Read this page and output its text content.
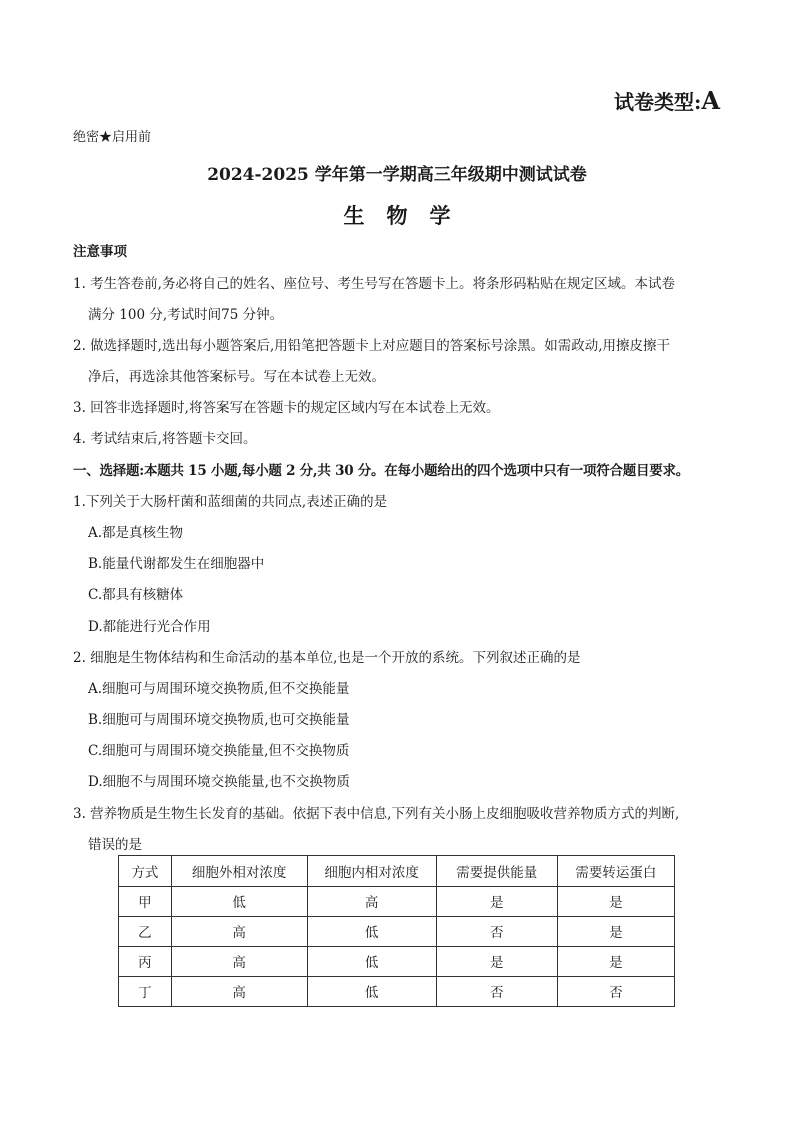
试卷类型:A
绝密★启用前
2024-2025 学年第一学期高三年级期中测试试卷
生物学
注意事项
1. 考生答卷前,务必将自己的姓名、座位号、考生号写在答题卡上。将条形码粘贴在规定区域。本试卷
满分 100 分,考试时间75 分钟。
2. 做选择题时,选出每小题答案后,用铅笔把答题卡上对应题目的答案标号涂黑。如需政动,用擦皮擦干
净后，再选涂其他答案标号。写在本试卷上无效。
3. 回答非选择题时,将答案写在答题卡的规定区域内写在本试卷上无效。
4. 考试结束后,将答题卡交回。
一、选择题:本题共 15 小题,每小题 2 分,共 30 分。在每小题给出的四个选项中只有一项符合题目要求。
1.下列关于大肠杆菌和蓝细菌的共同点,表述正确的是
A.都是真核生物
B.能量代谢都发生在细胞器中
C.都具有核糖体
D.都能进行光合作用
2. 细胞是生物体结构和生命活动的基本单位,也是一个开放的系统。下列叙述正确的是
A.细胞可与周围环境交换物质,但不交换能量
B.细胞可与周围环境交换物质,也可交换能量
C.细胞可与周围环境交换能量,但不交换物质
D.细胞不与周围环境交换能量,也不交换物质
3. 营养物质是生物生长发育的基础。依据下表中信息,下列有关小肠上皮细胞吸收营养物质方式的判断,
错误的是
方式	细胞外相对浓度	细胞内相对浓度	需要提供能量	需要转运蛋白
甲	低	高	是	是
乙	高	低	否	是
丙	高	低	是	是
丁	高	低	否	否
